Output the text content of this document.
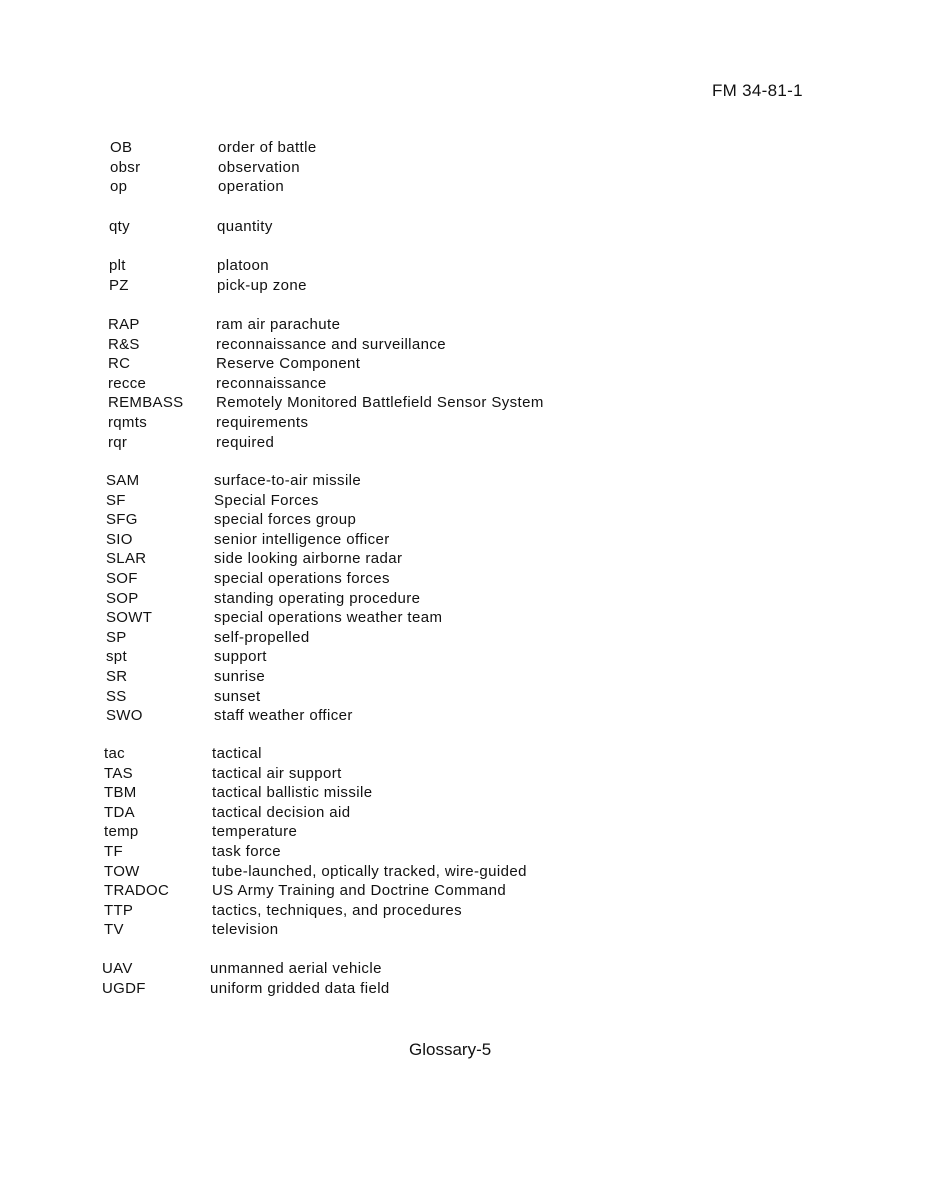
FM 34-81-1
OB	order of battle
obsr	observation
op	operation
qty	quantity
plt	platoon
PZ	pick-up zone
RAP	ram air parachute
R&S	reconnaissance and surveillance
RC	Reserve Component
recce	reconnaissance
REMBASS Remotely Monitored Battlefield Sensor System
rqmts	requirements
rqr	required
SAM	surface-to-air missile
SF	Special Forces
SFG	special forces group
SIO	senior intelligence officer
SLAR	side looking airborne radar
SOF	special operations forces
SOP	standing operating procedure
SOWT	special operations weather team
SP	self-propelled
spt	support
SR	sunrise
SS	sunset
SWO	staff weather officer
tac	tactical
TAS	tactical air support
TBM	tactical ballistic missile
TDA	tactical decision aid
temp	temperature
TF	task force
TOW	tube-launched, optically tracked, wire-guided
TRADOC	US Army Training and Doctrine Command
TTP	tactics, techniques, and procedures
TV	television
UAV	unmanned aerial vehicle
UGDF	uniform gridded data field
Glossary-5
